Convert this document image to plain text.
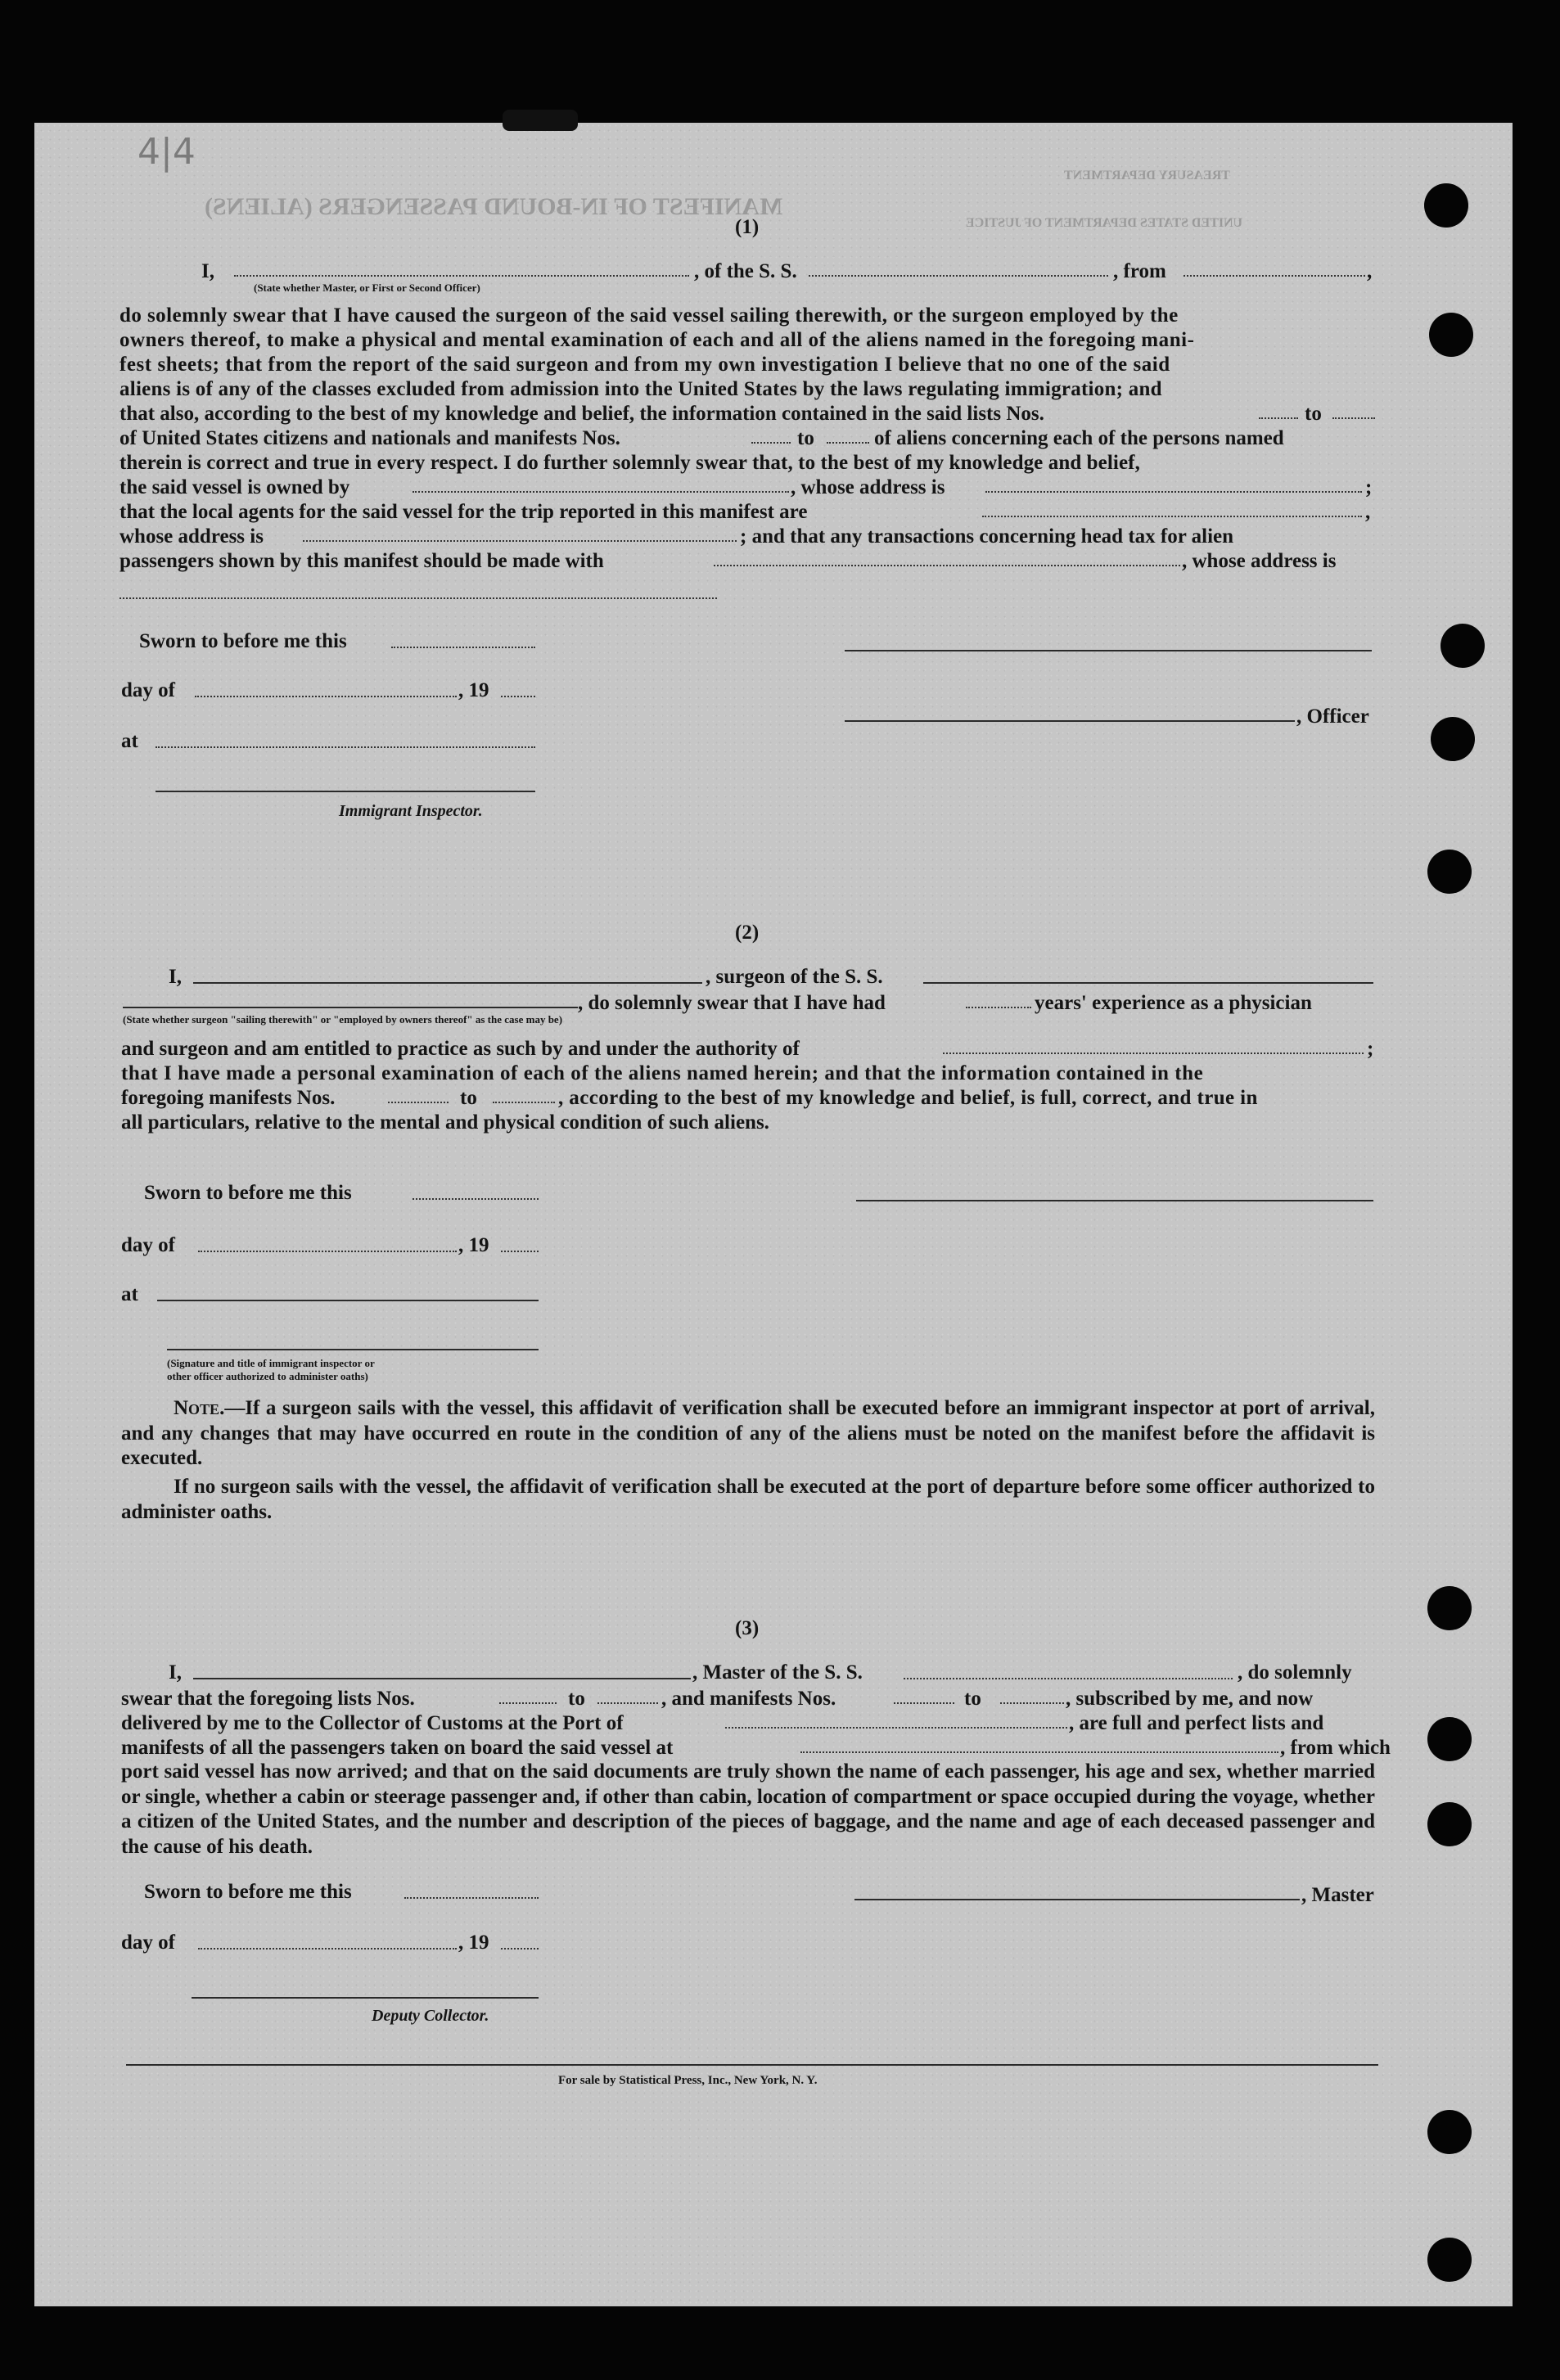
MANIFEST OF IN-BOUND PASSENGERS (ALIENS)
TREASURY DEPARTMENT
UNITED STATES DEPARTMENT OF JUSTICE
4|4
(1)
I,	, of the S. S.	, from	,
(State whether Master, or First or Second Officer)
do solemnly swear that I have caused the surgeon of the said vessel sailing therewith, or the surgeon employed by the
owners thereof, to make a physical and mental examination of each and all of the aliens named in the foregoing mani-
fest sheets; that from the report of the said surgeon and from my own investigation I believe that no one of the said
aliens is of any of the classes excluded from admission into the United States by the laws regulating immigration; and
that also, according to the best of my knowledge and belief, the information contained in the said lists Nos.	to
of United States citizens and nationals and manifests Nos.	to	of aliens concerning each of the persons named
therein is correct and true in every respect. I do further solemnly swear that, to the best of my knowledge and belief,
the said vessel is owned by	, whose address is	;
that the local agents for the said vessel for the trip reported in this manifest are	,
whose address is	; and that any transactions concerning head tax for alien
passengers shown by this manifest should be made with	, whose address is
Sworn to before me this
day of	, 19
, Officer
at
Immigrant Inspector.
(2)
I,	, surgeon of the S. S.
, do solemnly swear that I have had	years' experience as a physician
(State whether surgeon "sailing therewith" or "employed by owners thereof" as the case may be)
and surgeon and am entitled to practice as such by and under the authority of	;
that I have made a personal examination of each of the aliens named herein; and that the information contained in the
foregoing manifests Nos.	to	, according to the best of my knowledge and belief, is full, correct, and true in
all particulars, relative to the mental and physical condition of such aliens.
Sworn to before me this
day of	, 19
at
(Signature and title of immigrant inspector or
other officer authorized to administer oaths)
Note.—If a surgeon sails with the vessel, this affidavit of verification shall be executed before an immigrant inspector at port of arrival, and any changes that may have occurred en route in the condition of any of the aliens must be noted on the manifest before the affidavit is executed.
If no surgeon sails with the vessel, the affidavit of verification shall be executed at the port of departure before some officer authorized to administer oaths.
(3)
I,	, Master of the S. S.	, do solemnly
swear that the foregoing lists Nos.	to	, and manifests Nos.	to	, subscribed by me, and now
delivered by me to the Collector of Customs at the Port of	, are full and perfect lists and
manifests of all the passengers taken on board the said vessel at	, from which
port said vessel has now arrived; and that on the said documents are truly shown the name of each passenger, his age and sex, whether married or single, whether a cabin or steerage passenger and, if other than cabin, location of compartment or space occupied during the voyage, whether a citizen of the United States, and the number and description of the pieces of baggage, and the name and age of each deceased passenger and the cause of his death.
Sworn to before me this	, Master
day of	, 19
Deputy Collector.
For sale by Statistical Press, Inc., New York, N. Y.
